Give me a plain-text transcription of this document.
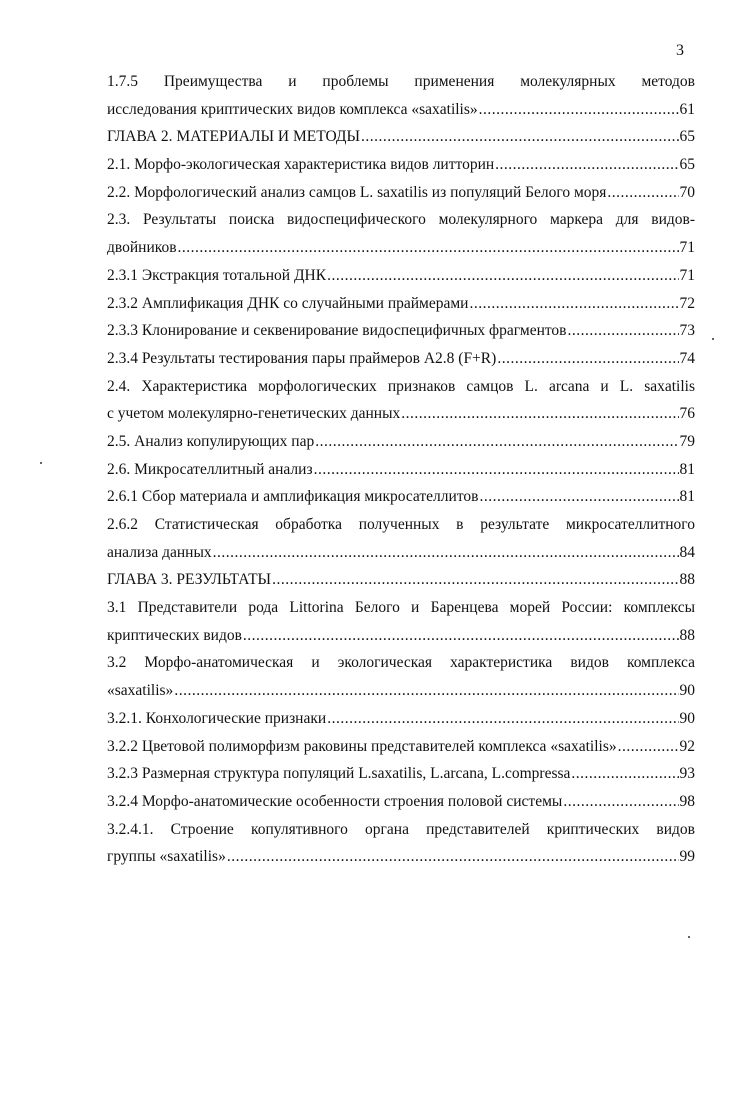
3
1.7.5 Преимущества и проблемы применения молекулярных методов
исследования криптических видов комплекса «saxatilis» .....	61
ГЛАВА 2. МАТЕРИАЛЫ И МЕТОДЫ .....	65
2.1. Морфо-экологическая характеристика видов литторин .....	65
2.2. Морфологический анализ самцов L. saxatilis из популяций Белого моря .....	70
2.3. Результаты поиска видоспецифического молекулярного маркера для видов-
двойников .....	71
2.3.1 Экстракция тотальной ДНК .....	71
2.3.2 Амплификация ДНК со случайными праймерами .....	72
2.3.3 Клонирование и секвенирование видоспецифичных фрагментов .....	73
2.3.4 Результаты тестирования пары праймеров А2.8 (F+R) .....	74
2.4. Характеристика морфологических признаков самцов L. arcana и L. saxatilis
с учетом молекулярно-генетических данных .....	76
2.5. Анализ копулирующих пар .....	79
2.6. Микросателлитный анализ .....	81
2.6.1 Сбор материала и амплификация микросателлитов .....	81
2.6.2 Статистическая обработка полученных в результате микросателлитного
анализа данных .....	84
ГЛАВА 3. РЕЗУЛЬТАТЫ .....	88
3.1 Представители рода Littorina Белого и Баренцева морей России: комплексы
криптических видов .....	88
3.2 Морфо-анатомическая и экологическая характеристика видов комплекса
«saxatilis» .....	90
3.2.1. Конхологические признаки .....	90
3.2.2 Цветовой полиморфизм раковины представителей комплекса «saxatilis» .....	92
3.2.3 Размерная структура популяций L.saxatilis, L.arcana, L.compressa .....	93
3.2.4 Морфо-анатомические особенности строения половой системы .....	98
3.2.4.1. Строение копулятивного органа представителей криптических видов
группы «saxatilis» .....	99
